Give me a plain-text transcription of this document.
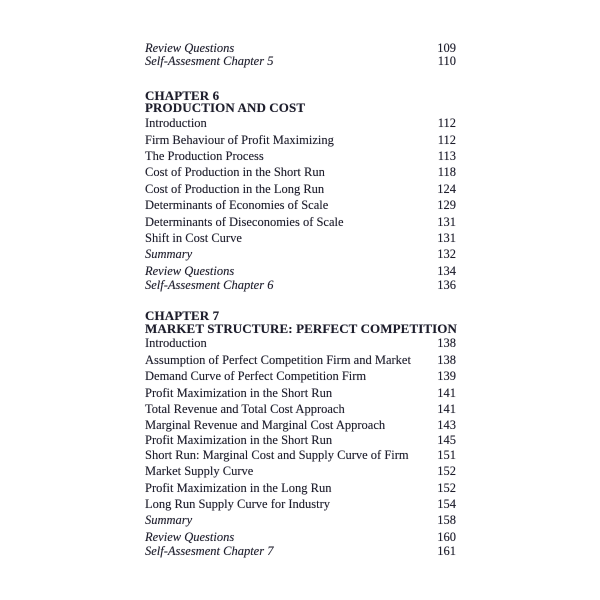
Review Questions	109
Self-Assesment Chapter 5	110
CHAPTER 6
PRODUCTION AND COST
Introduction	112
Firm Behaviour of Profit Maximizing	112
The Production Process	113
Cost of Production in the Short Run	118
Cost of Production in the Long Run	124
Determinants of Economies of Scale	129
Determinants of Diseconomies of Scale	131
Shift in Cost Curve	131
Summary	132
Review Questions	134
Self-Assesment Chapter 6	136
CHAPTER 7
MARKET STRUCTURE: PERFECT COMPETITION
Introduction	138
Assumption of Perfect Competition Firm and Market 138
Demand Curve of Perfect Competition Firm	139
Profit Maximization in the Short Run	141
Total Revenue and Total Cost Approach	141
Marginal Revenue and Marginal Cost Approach	143
Profit Maximization in the Short Run	145
Short Run: Marginal Cost and Supply Curve of Firm 151
Market Supply Curve	152
Profit Maximization in the Long Run	152
Long Run Supply Curve for Industry	154
Summary	158
Review Questions	160
Self-Assesment Chapter 7	161
